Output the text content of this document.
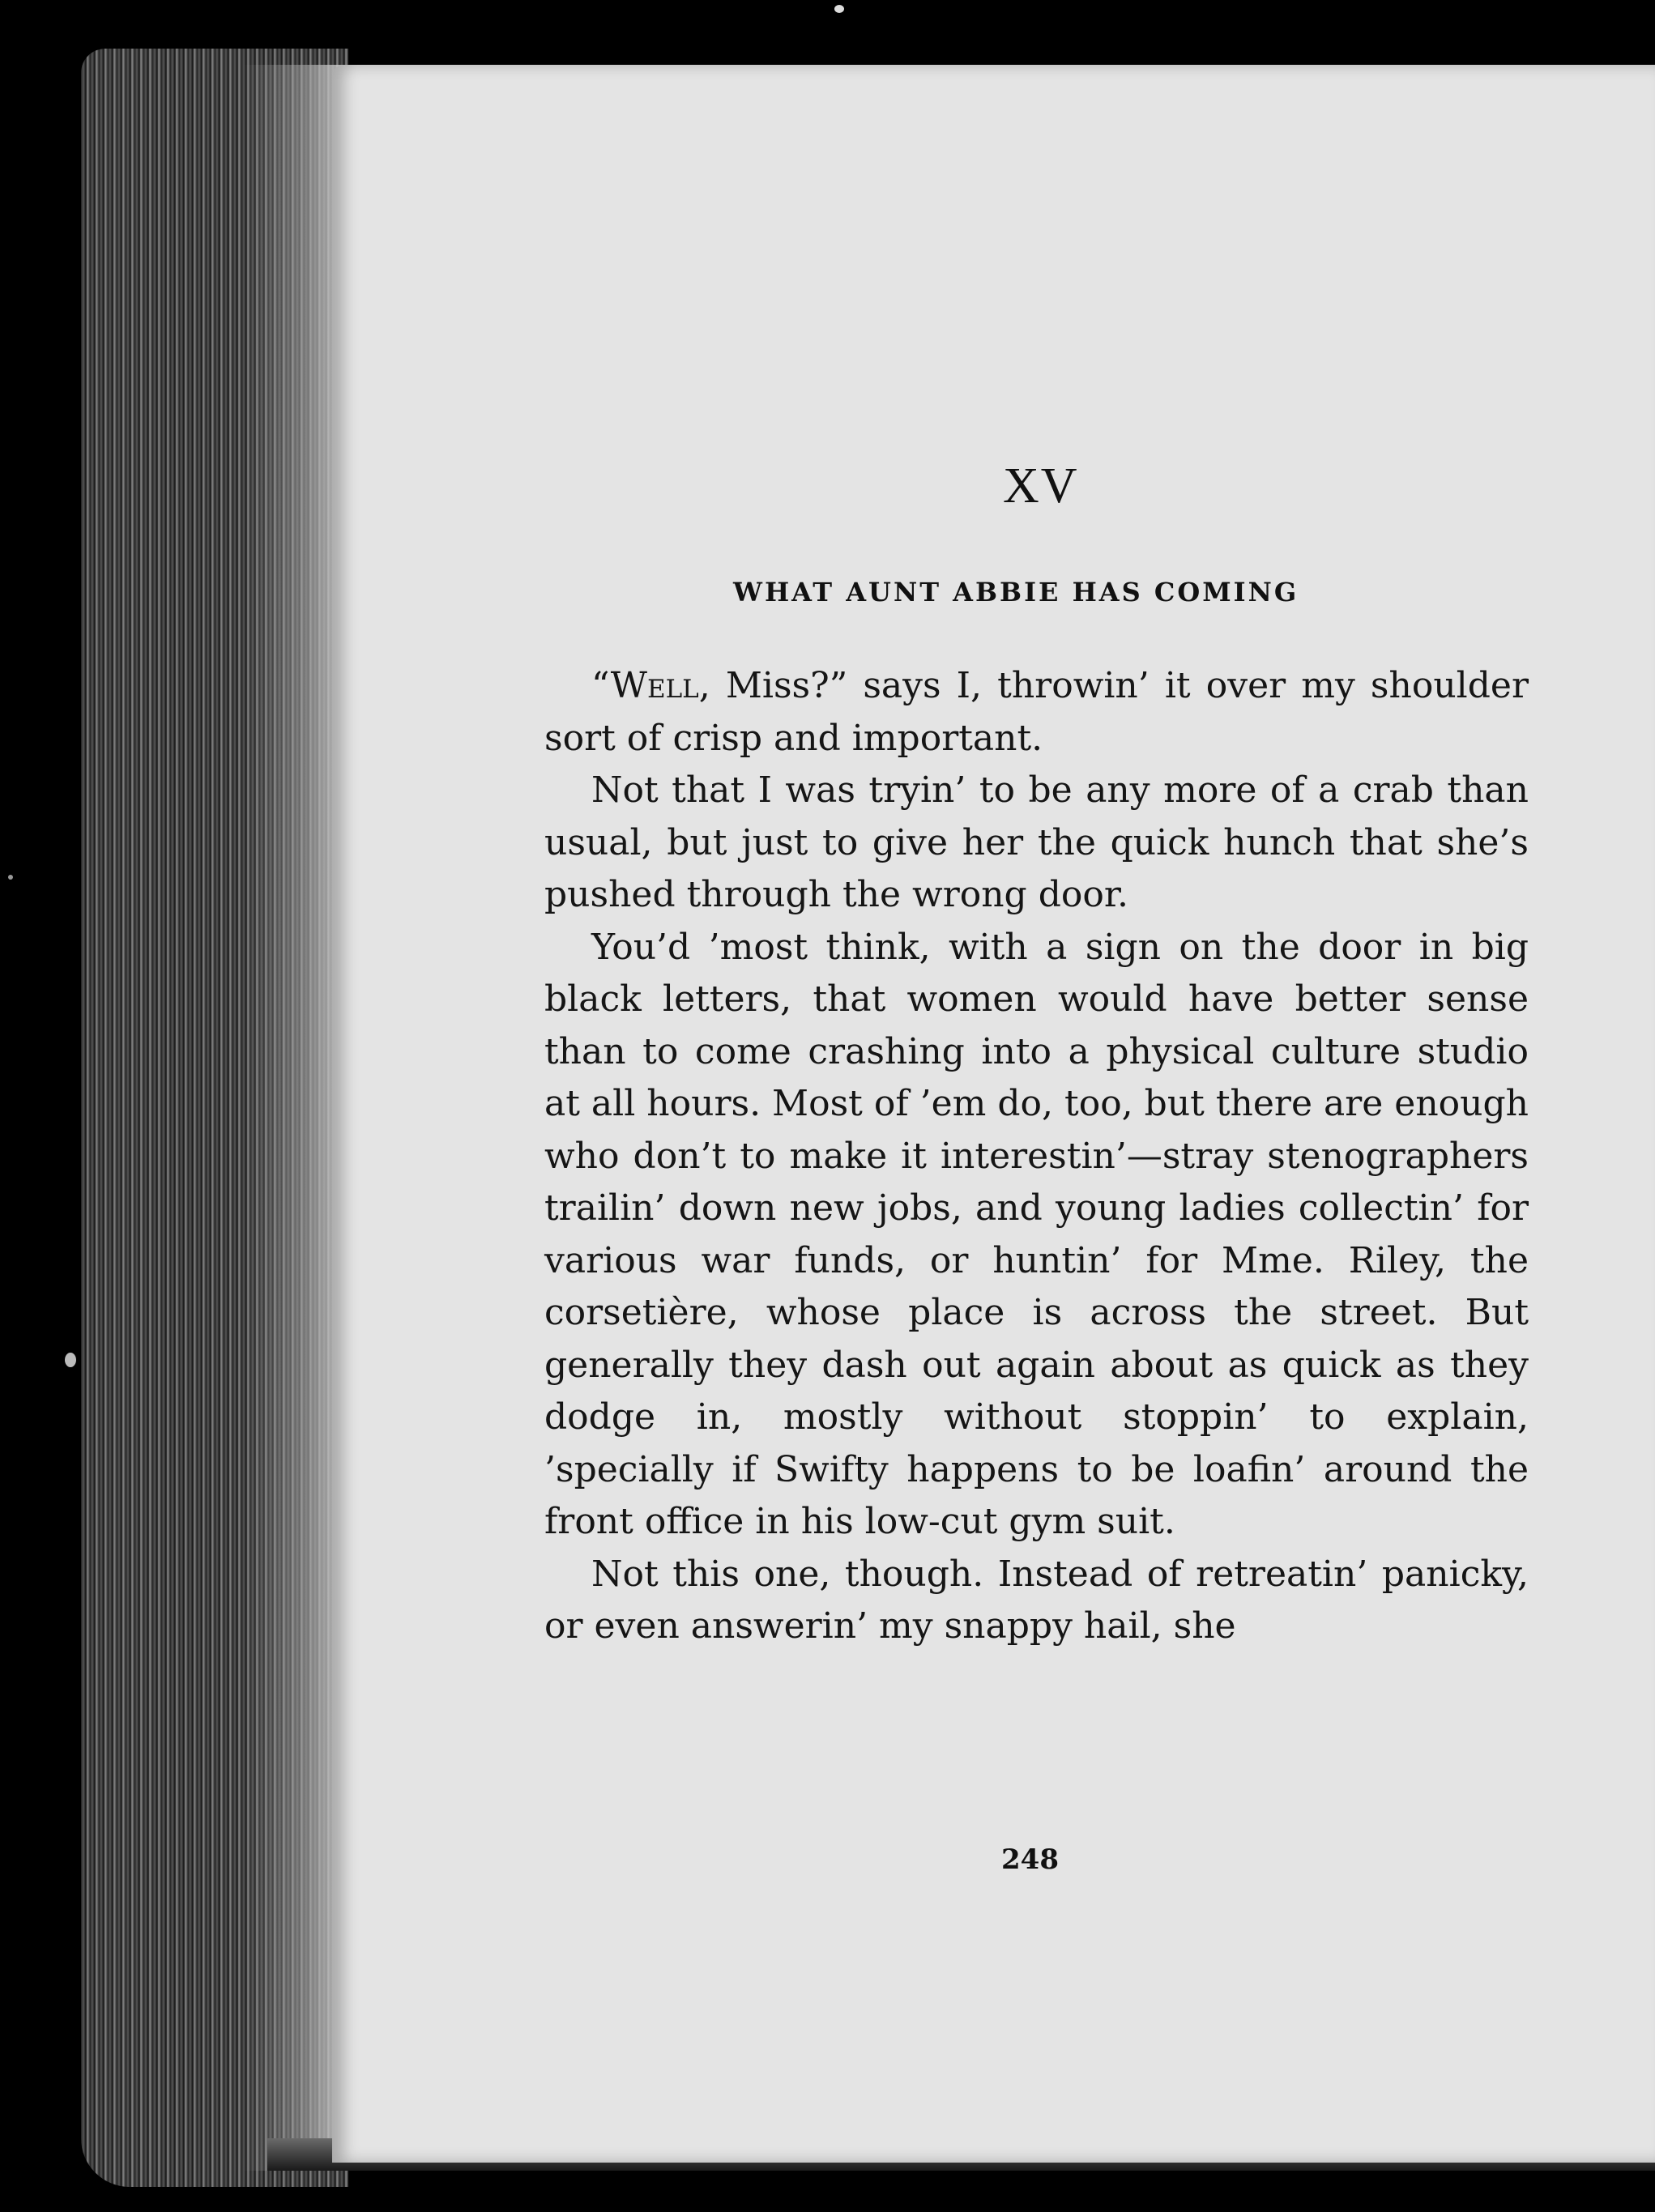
XV
WHAT AUNT ABBIE HAS COMING

“Well, Miss?” says I, throwin’ it over my shoulder sort of crisp and important.

Not that I was tryin’ to be any more of a crab than usual, but just to give her the quick hunch that she’s pushed through the wrong door.

You’d ’most think, with a sign on the door in big black letters, that women would have better sense than to come crashing into a physical culture studio at all hours. Most of ’em do, too, but there are enough who don’t to make it interestin’—stray stenographers trailin’ down new jobs, and young ladies collectin’ for various war funds, or huntin’ for Mme. Riley, the corsetière, whose place is across the street. But generally they dash out again about as quick as they dodge in, mostly without stoppin’ to explain, ’specially if Swifty happens to be loafin’ around the front office in his low-cut gym suit.

Not this one, though. Instead of retreatin’ panicky, or even answerin’ my snappy hail, she

248
